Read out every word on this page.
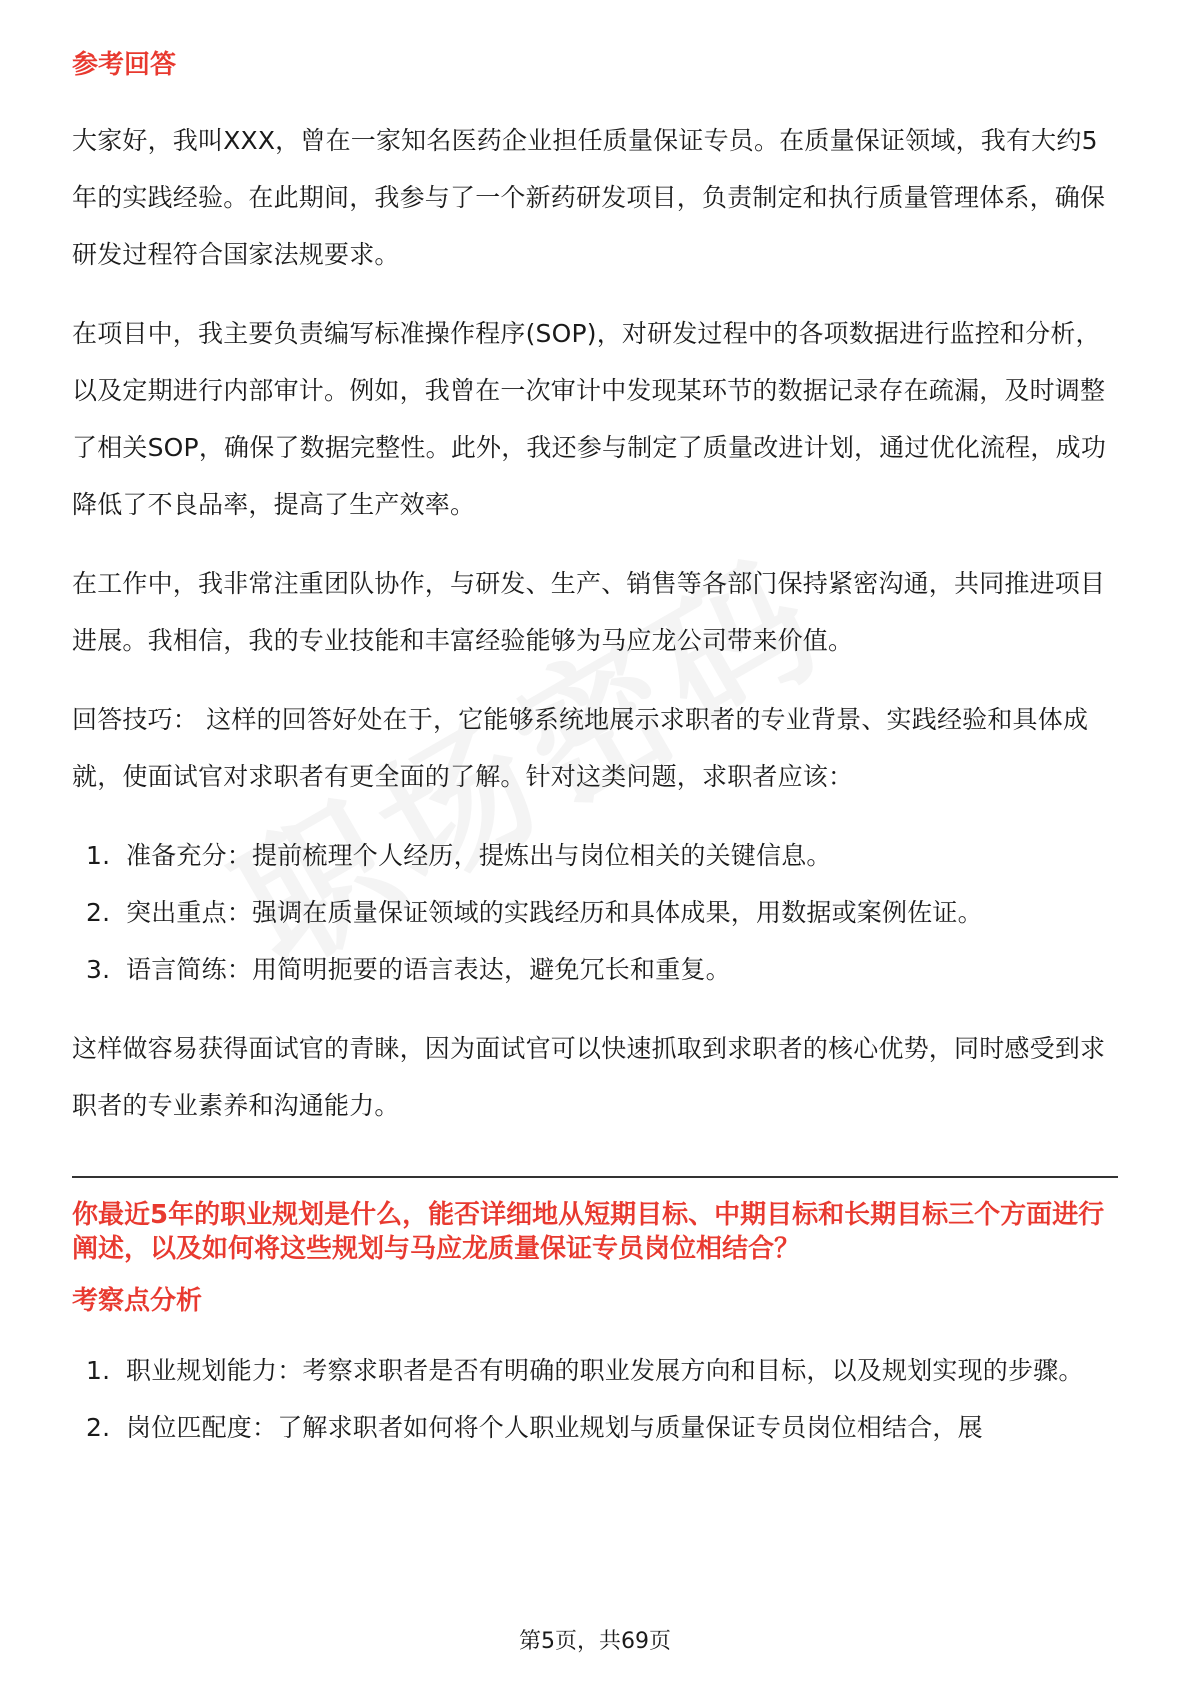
参考回答

大家好，我叫XXX，曾在一家知名医药企业担任质量保证专员。在质量保证领域，我有大约5年的实践经验。在此期间，我参与了一个新药研发项目，负责制定和执行质量管理体系，确保研发过程符合国家法规要求。

在项目中，我主要负责编写标准操作程序(SOP)，对研发过程中的各项数据进行监控和分析，以及定期进行内部审计。例如，我曾在一次审计中发现某环节的数据记录存在疏漏，及时调整了相关SOP，确保了数据完整性。此外，我还参与制定了质量改进计划，通过优化流程，成功降低了不良品率，提高了生产效率。

在工作中，我非常注重团队协作，与研发、生产、销售等各部门保持紧密沟通，共同推进项目进展。我相信，我的专业技能和丰富经验能够为马应龙公司带来价值。

回答技巧： 这样的回答好处在于，它能够系统地展示求职者的专业背景、实践经验和具体成就，使面试官对求职者有更全面的了解。针对这类问题，求职者应该：

1. 准备充分：提前梳理个人经历，提炼出与岗位相关的关键信息。
2. 突出重点：强调在质量保证领域的实践经历和具体成果，用数据或案例佐证。
3. 语言简练：用简明扼要的语言表达，避免冗长和重复。

这样做容易获得面试官的青睐，因为面试官可以快速抓取到求职者的核心优势，同时感受到求职者的专业素养和沟通能力。

你最近5年的职业规划是什么，能否详细地从短期目标、中期目标和长期目标三个方面进行阐述，以及如何将这些规划与马应龙质量保证专员岗位相结合？

考察点分析
1. 职业规划能力：考察求职者是否有明确的职业发展方向和目标，以及规划实现的步骤。
2. 岗位匹配度：了解求职者如何将个人职业规划与质量保证专员岗位相结合，展
第5页，共69页
